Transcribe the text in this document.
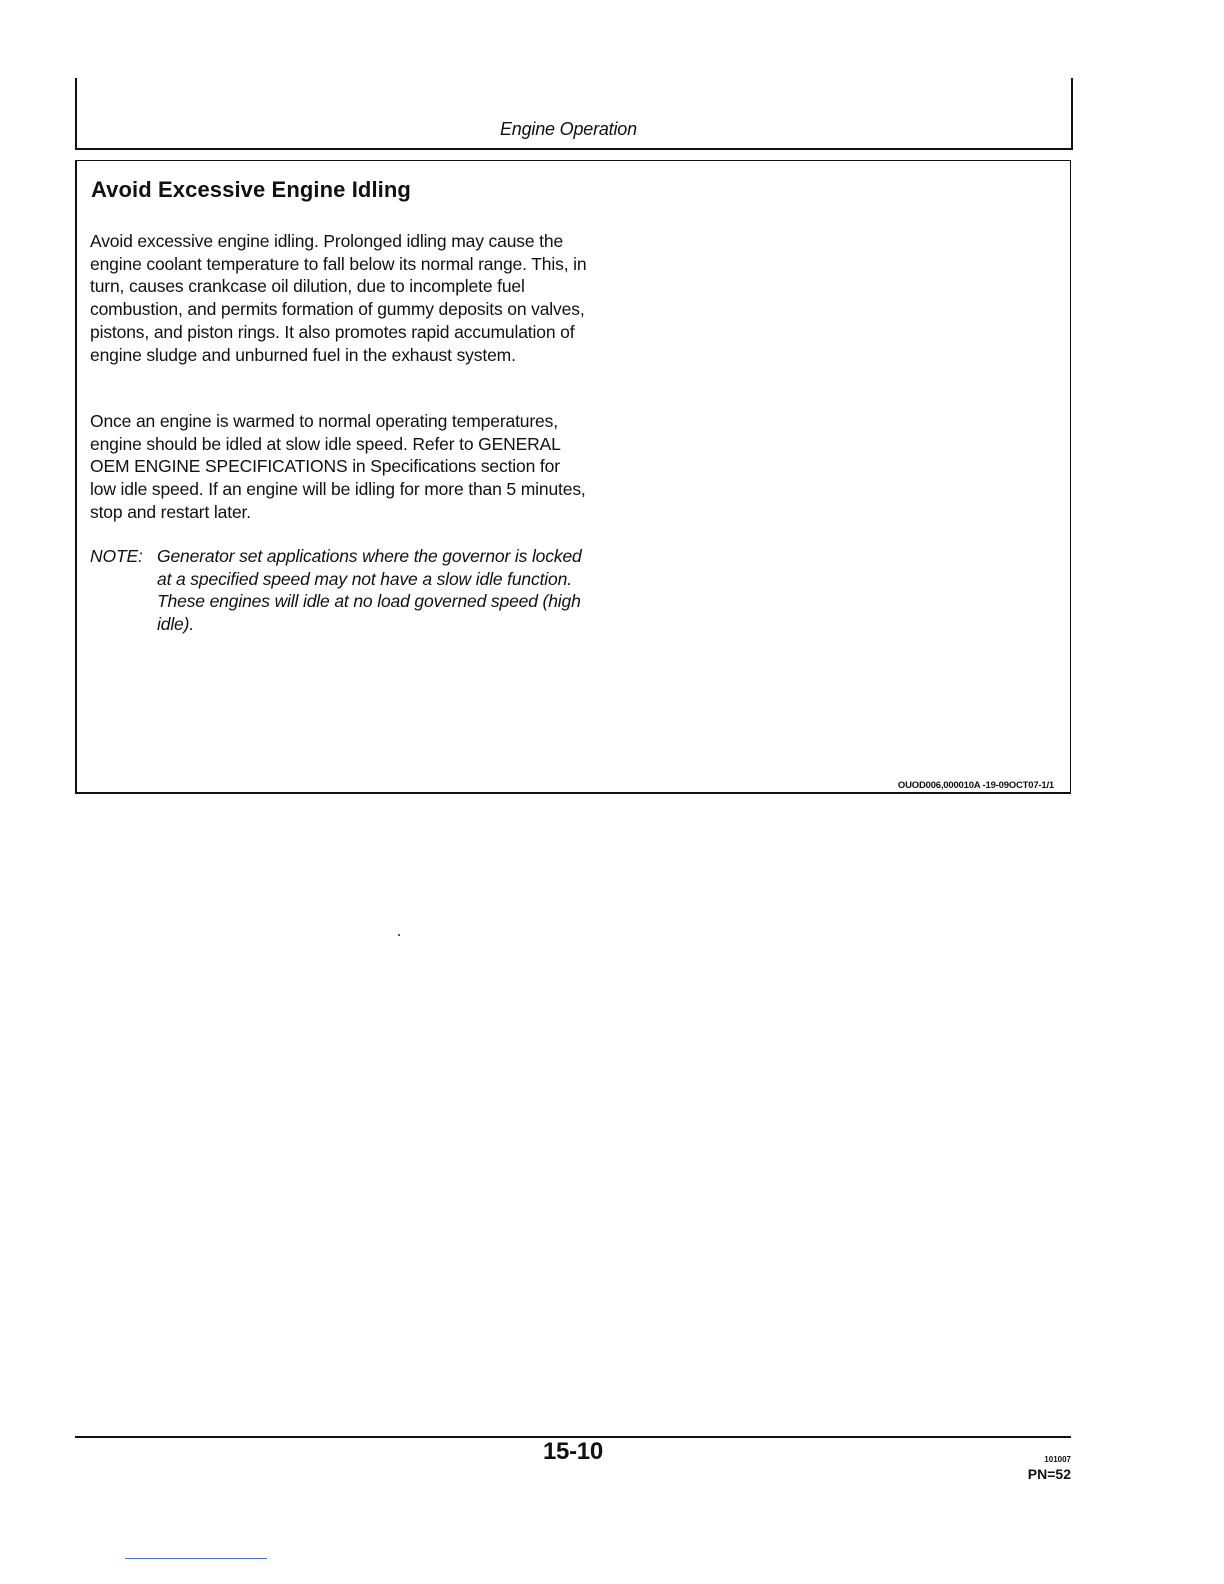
Engine Operation
Avoid Excessive Engine Idling

Avoid excessive engine idling. Prolonged idling may cause the engine coolant temperature to fall below its normal range. This, in turn, causes crankcase oil dilution, due to incomplete fuel combustion, and permits formation of gummy deposits on valves, pistons, and piston rings. It also promotes rapid accumulation of engine sludge and unburned fuel in the exhaust system.

Once an engine is warmed to normal operating temperatures, engine should be idled at slow idle speed. Refer to GENERAL OEM ENGINE SPECIFICATIONS in Specifications section for low idle speed. If an engine will be idling for more than 5 minutes, stop and restart later.

NOTE: Generator set applications where the governor is locked at a specified speed may not have a slow idle function. These engines will idle at no load governed speed (high idle).
OUOD006,000010A -19-09OCT07-1/1
15-10	101007
PN=52
